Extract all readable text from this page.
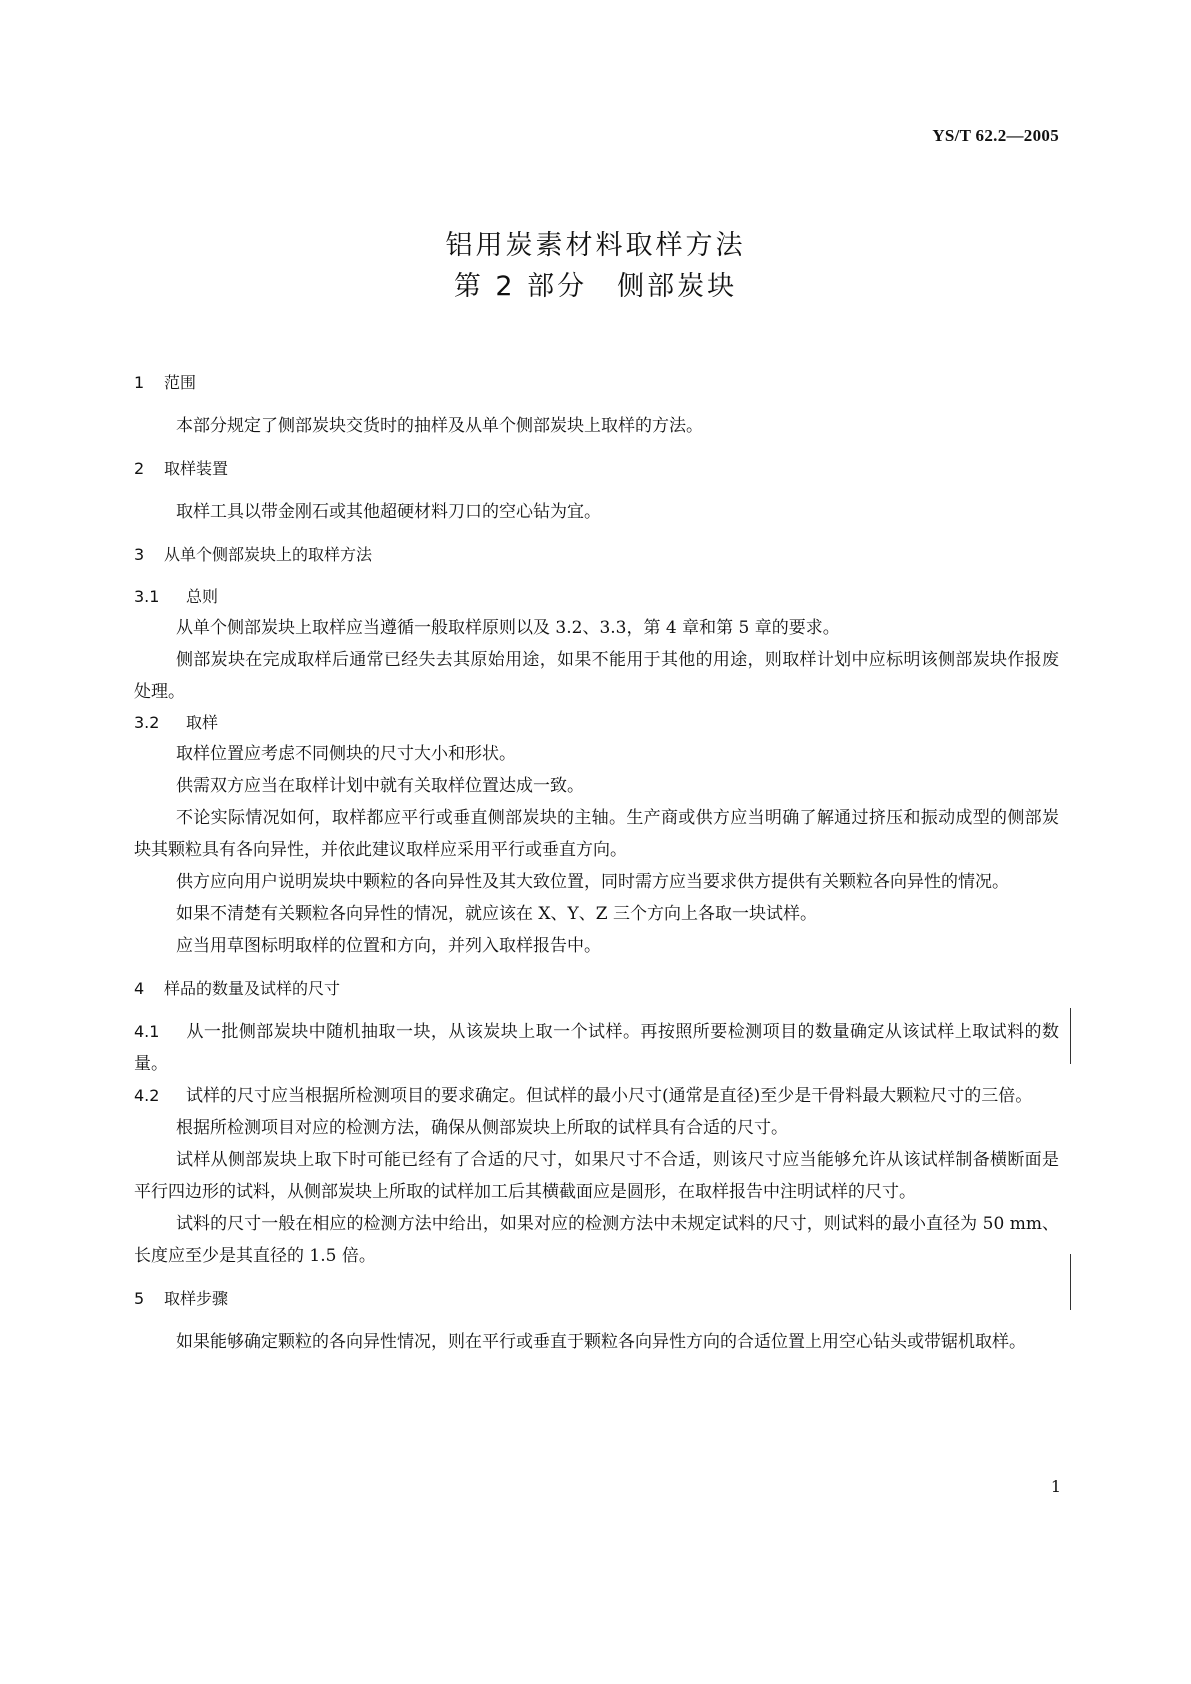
YS/T 62.2—2005
铝用炭素材料取样方法
第 2 部分　侧部炭块
1 范围
本部分规定了侧部炭块交货时的抽样及从单个侧部炭块上取样的方法。
2 取样装置
取样工具以带金刚石或其他超硬材料刀口的空心钻为宜。
3 从单个侧部炭块上的取样方法
3.1 总则
从单个侧部炭块上取样应当遵循一般取样原则以及 3.2、3.3，第 4 章和第 5 章的要求。
侧部炭块在完成取样后通常已经失去其原始用途，如果不能用于其他的用途，则取样计划中应标明该侧部炭块作报废处理。
3.2 取样
取样位置应考虑不同侧块的尺寸大小和形状。
供需双方应当在取样计划中就有关取样位置达成一致。
不论实际情况如何，取样都应平行或垂直侧部炭块的主轴。生产商或供方应当明确了解通过挤压和振动成型的侧部炭块其颗粒具有各向异性，并依此建议取样应采用平行或垂直方向。
供方应向用户说明炭块中颗粒的各向异性及其大致位置，同时需方应当要求供方提供有关颗粒各向异性的情况。
如果不清楚有关颗粒各向异性的情况，就应该在 X、Y、Z 三个方向上各取一块试样。
应当用草图标明取样的位置和方向，并列入取样报告中。
4 样品的数量及试样的尺寸
4.1 从一批侧部炭块中随机抽取一块，从该炭块上取一个试样。再按照所要检测项目的数量确定从该试样上取试料的数量。
4.2 试样的尺寸应当根据所检测项目的要求确定。但试样的最小尺寸(通常是直径)至少是干骨料最大颗粒尺寸的三倍。
根据所检测项目对应的检测方法，确保从侧部炭块上所取的试样具有合适的尺寸。
试样从侧部炭块上取下时可能已经有了合适的尺寸，如果尺寸不合适，则该尺寸应当能够允许从该试样制备横断面是平行四边形的试料，从侧部炭块上所取的试样加工后其横截面应是圆形，在取样报告中注明试样的尺寸。
试料的尺寸一般在相应的检测方法中给出，如果对应的检测方法中未规定试料的尺寸，则试料的最小直径为 50 mm、长度应至少是其直径的 1.5 倍。
5 取样步骤
如果能够确定颗粒的各向异性情况，则在平行或垂直于颗粒各向异性方向的合适位置上用空心钻头或带锯机取样。
1
